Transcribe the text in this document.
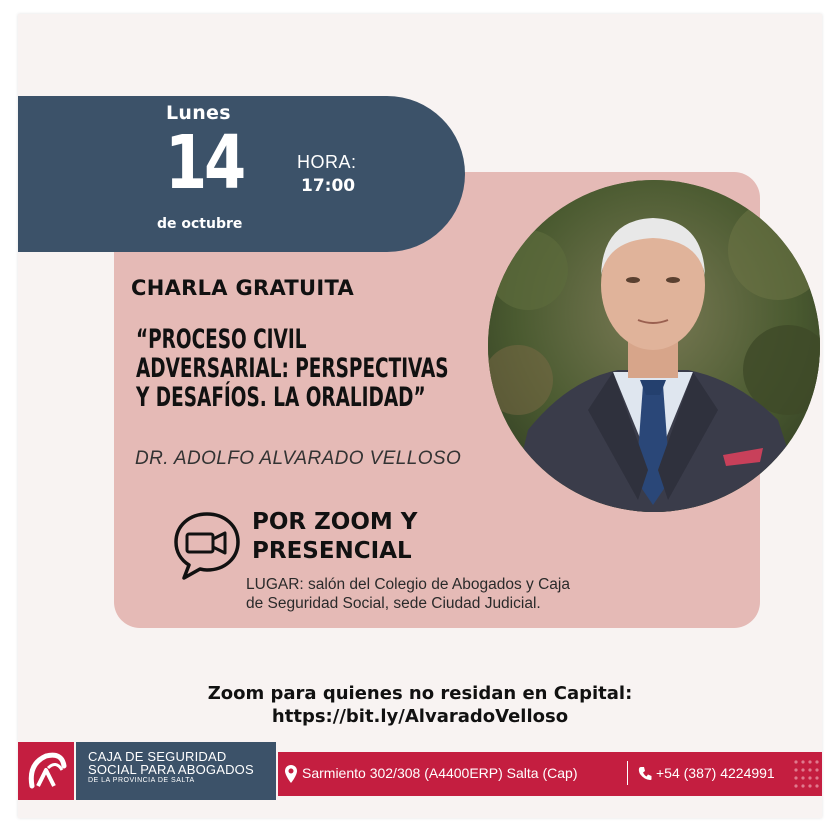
Lunes
14
de octubre
HORA:
17:00
CHARLA GRATUITA
“PROCESO CIVIL
ADVERSARIAL: PERSPECTIVAS
Y DESAFÍOS. LA ORALIDAD”
DR. ADOLFO ALVARADO VELLOSO
POR ZOOM Y
PRESENCIAL
LUGAR: salón del Colegio de Abogados y Caja
de Seguridad Social, sede Ciudad Judicial.
Zoom para quienes no residan en Capital:
https://bit.ly/AlvaradoVelloso
CAJA DE SEGURIDAD
SOCIAL PARA ABOGADOS
DE LA PROVINCIA DE SALTA	Sarmiento 302/308 (A4400ERP) Salta (Cap)	+54 (387) 4224991
